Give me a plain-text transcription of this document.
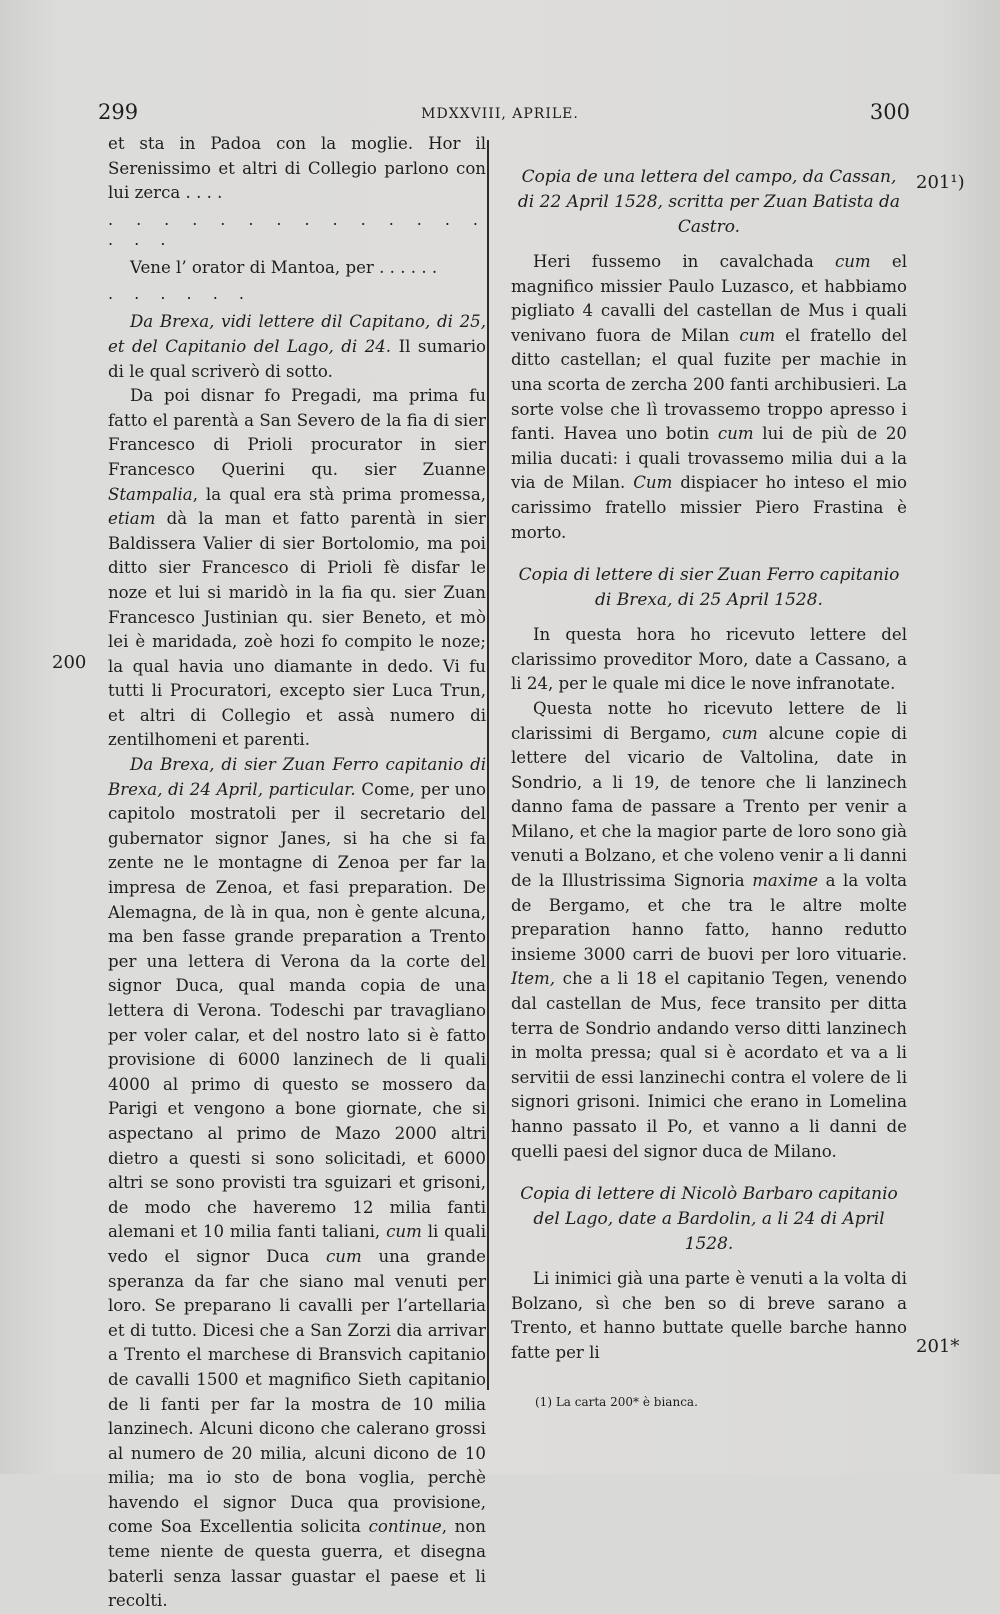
299	MDXXVIII, APRILE.	300
200
201¹)
201*

et sta in Padoa con la moglie. Hor il Serenissimo et altri di Collegio parlono con lui zerca . . . .

. . . . . . . . . . . . . . . . .

Vene l’ orator di Mantoa, per . . . . . .

. . . . . .

Da Brexa, vidi lettere dil Capitano, di 25, et del Capitanio del Lago, di 24. Il sumario di le qual scriverò di sotto.

Da poi disnar fo Pregadi, ma prima fu fatto el parentà a San Severo de la fia di sier Francesco di Prioli procurator in sier Francesco Querini qu. sier Zuanne Stampalia, la qual era stà prima promessa, etiam dà la man et fatto parentà in sier Baldissera Valier di sier Bortolomio, ma poi ditto sier Francesco di Prioli fè disfar le noze et lui si maridò in la fia qu. sier Zuan Francesco Justinian qu. sier Beneto, et mò lei è maridada, zoè hozi fo compito le noze; la qual havia uno diamante in dedo. Vi fu tutti li Procuratori, excepto sier Luca Trun, et altri di Collegio et assà numero di zentilhomeni et parenti.

Da Brexa, di sier Zuan Ferro capitanio di Brexa, di 24 April, particular. Come, per uno capitolo mostratoli per il secretario del gubernator signor Janes, si ha che si fa zente ne le montagne di Zenoa per far la impresa de Zenoa, et fasi preparation. De Alemagna, de là in qua, non è gente alcuna, ma ben fasse grande preparation a Trento per una lettera di Verona da la corte del signor Duca, qual manda copia de una lettera di Verona. Todeschi par travagliano per voler calar, et del nostro lato si è fatto provisione di 6000 lanzinech de li quali 4000 al primo di questo se mossero da Parigi et vengono a bone giornate, che si aspectano al primo de Mazo 2000 altri dietro a questi si sono solicitadi, et 6000 altri se sono provisti tra sguizari et grisoni, de modo che haveremo 12 milia fanti alemani et 10 milia fanti taliani, cum li quali vedo el signor Duca cum una grande speranza da far che siano mal venuti per loro. Se preparano li cavalli per l’artellaria et di tutto. Dicesi che a San Zorzi dia arrivar a Trento el marchese di Bransvich capitanio de cavalli 1500 et magnifico Sieth capitanio de li fanti per far la mostra de 10 milia lanzinech. Alcuni dicono che calerano grossi al numero de 20 milia, alcuni dicono de 10 milia; ma io sto de bona voglia, perchè havendo el signor Duca qua provisione, come Soa Excellentia solicita continue, non teme niente de questa guerra, et disegna baterli senza lassar guastar el paese et li recolti.

Copia de una lettera del campo, da Cassan, di 22 April 1528, scritta per Zuan Batista da Castro.

Heri fussemo in cavalchada cum el magnifico missier Paulo Luzasco, et habbiamo pigliato 4 cavalli del castellan de Mus i quali venivano fuora de Milan cum el fratello del ditto castellan; el qual fuzite per machie in una scorta de zercha 200 fanti archibusieri. La sorte volse che lì trovassemo troppo apresso i fanti. Havea uno botin cum lui de più de 20 milia ducati: i quali trovassemo milia dui a la via de Milan. Cum dispiacer ho inteso el mio carissimo fratello missier Piero Frastina è morto.

Copia di lettere di sier Zuan Ferro capitanio di Brexa, di 25 April 1528.

In questa hora ho ricevuto lettere del clarissimo proveditor Moro, date a Cassano, a li 24, per le quale mi dice le nove infranotate.

Questa notte ho ricevuto lettere de li clarissimi di Bergamo, cum alcune copie di lettere del vicario de Valtolina, date in Sondrio, a li 19, de tenore che li lanzinech danno fama de passare a Trento per venir a Milano, et che la magior parte de loro sono già venuti a Bolzano, et che voleno venir a li danni de la Illustrissima Signoria maxime a la volta de Bergamo, et che tra le altre molte preparation hanno fatto, hanno redutto insieme 3000 carri de buovi per loro vituarie. Item, che a li 18 el capitanio Tegen, venendo dal castellan de Mus, fece transito per ditta terra de Sondrio andando verso ditti lanzinech in molta pressa; qual si è acordato et va a li servitii de essi lanzinechi contra el volere de li signori grisoni. Inimici che erano in Lomelina hanno passato il Po, et vanno a li danni de quelli paesi del signor duca de Milano.

Copia di lettere di Nicolò Barbaro capitanio del Lago, date a Bardolin, a li 24 di April 1528.

Li inimici già una parte è venuti a la volta di Bolzano, sì che ben so di breve sarano a Trento, et hanno buttate quelle barche hanno fatte per li

(1) La carta 200* è bianca.
